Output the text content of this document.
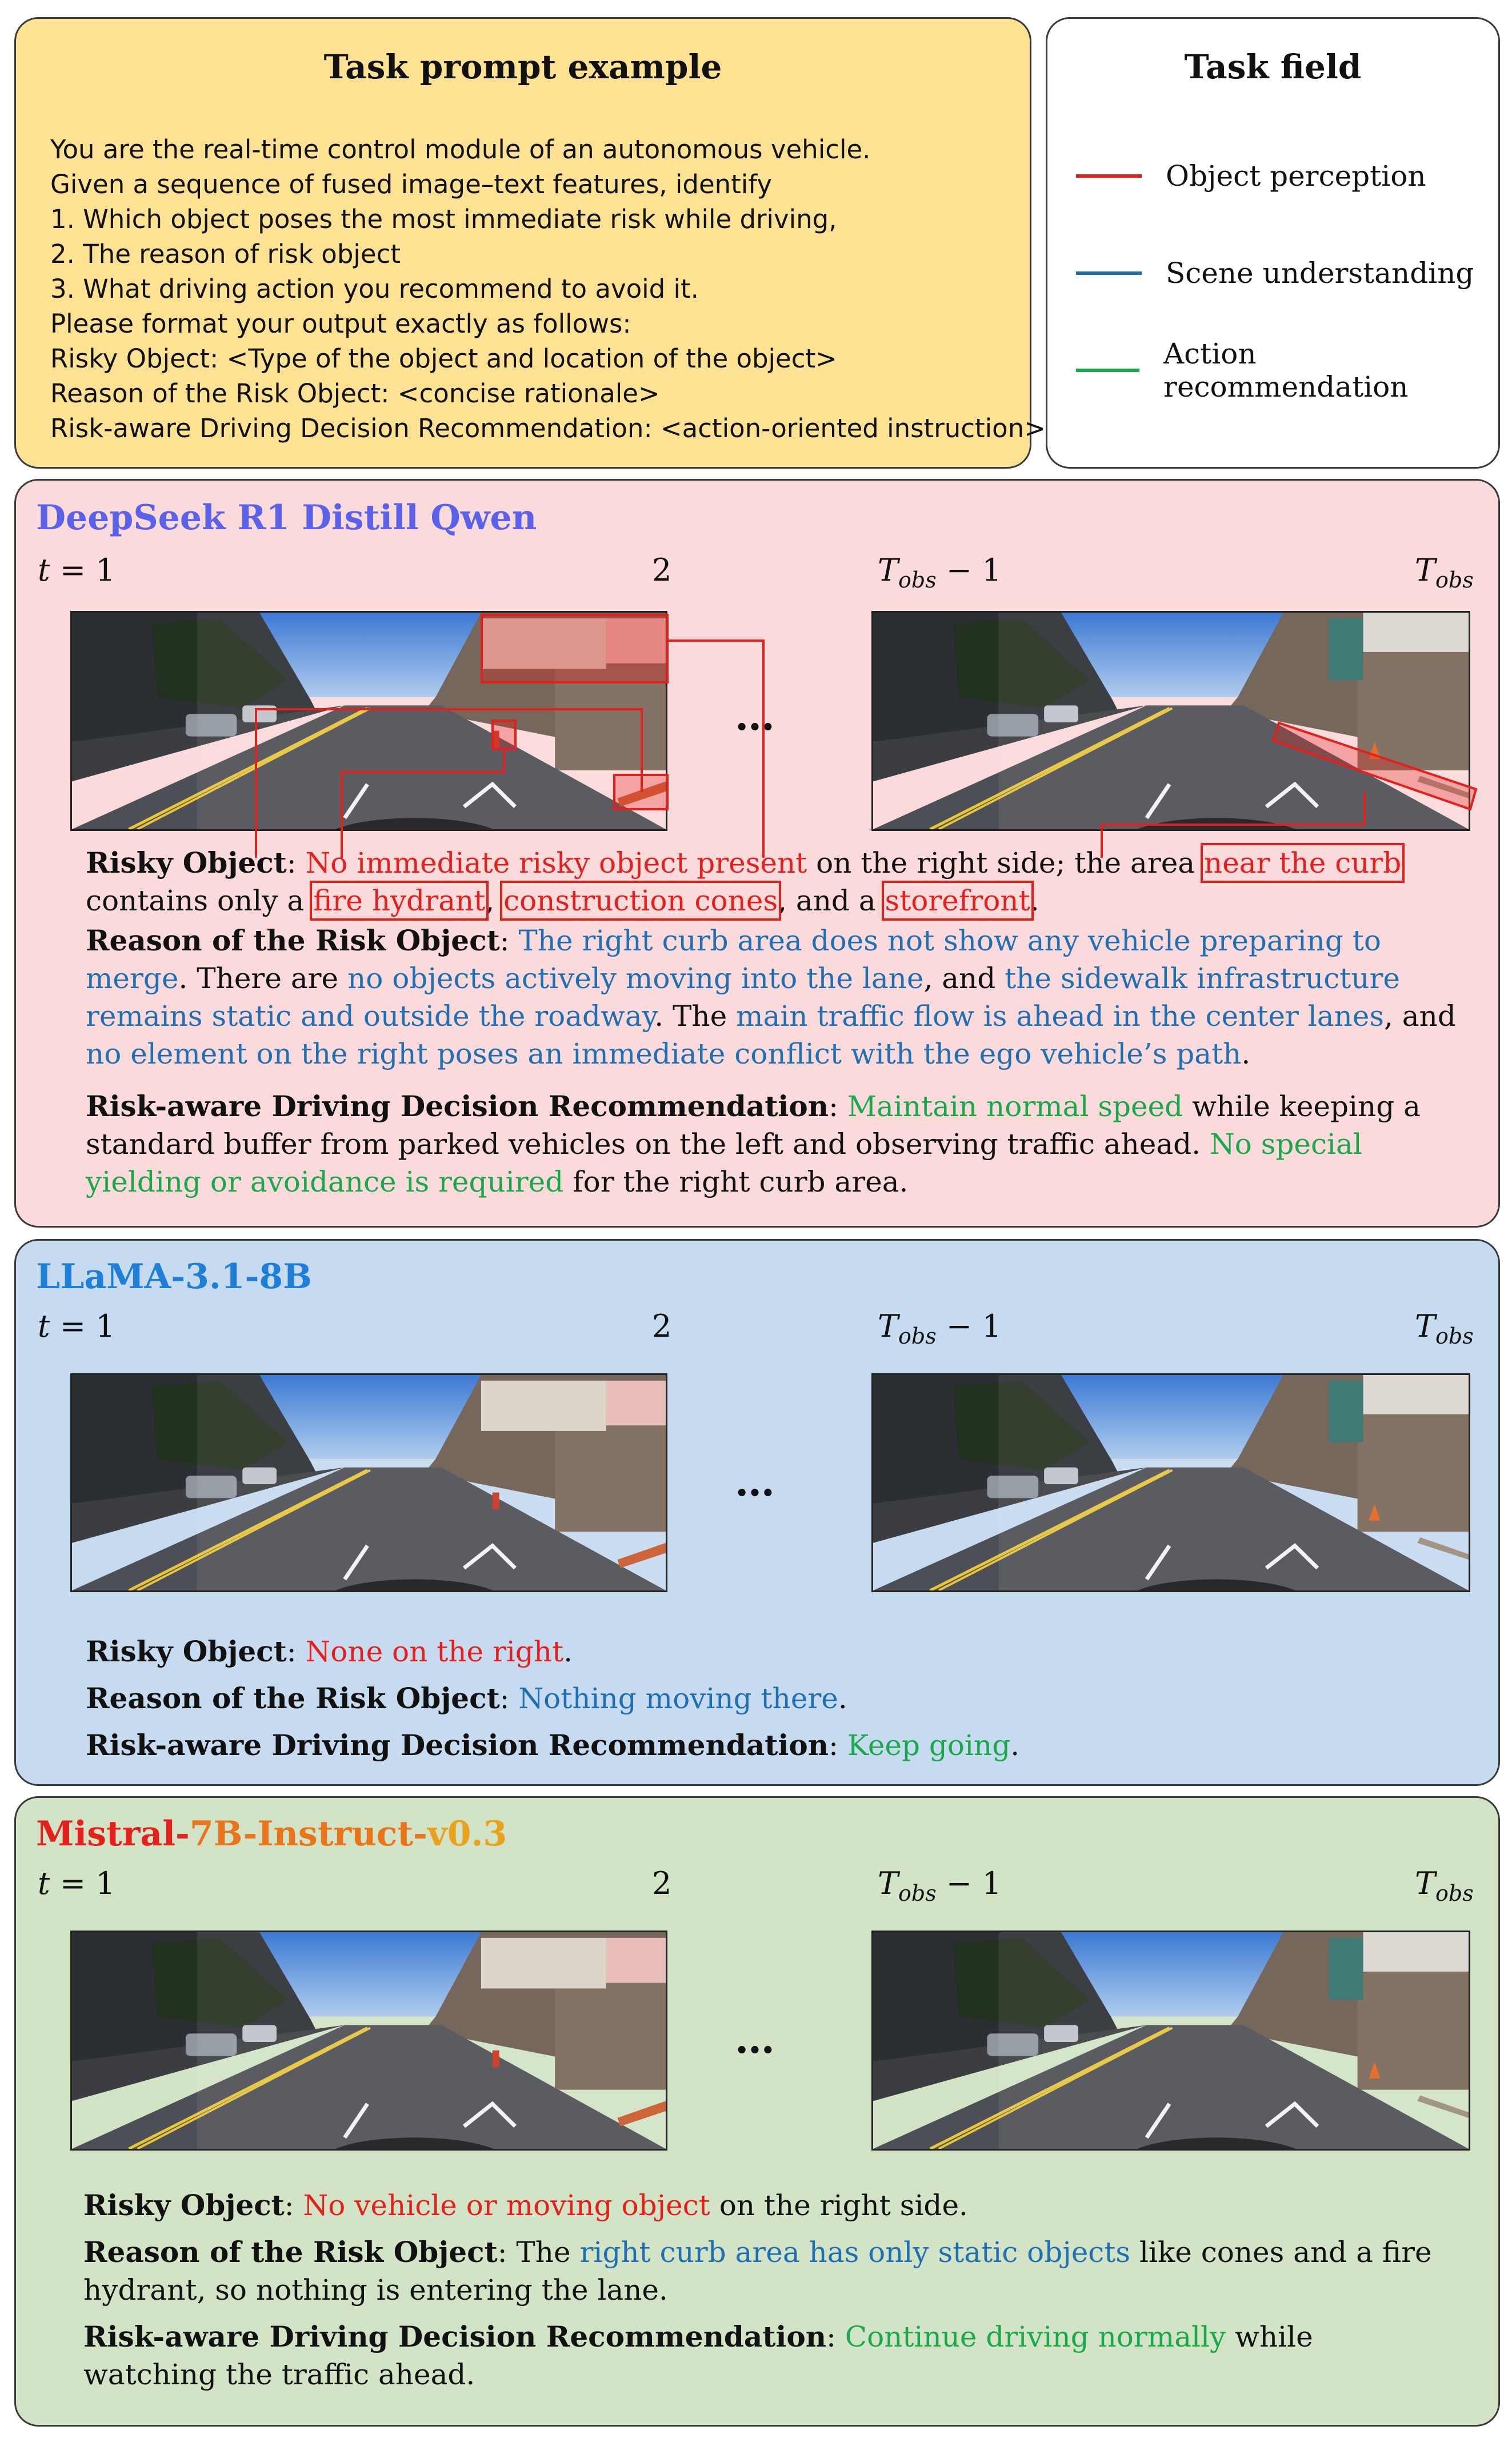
Task prompt example
You are the real-time control module of an autonomous vehicle.
Given a sequence of fused image–text features, identify
1. Which object poses the most immediate risk while driving,
2. The reason of risk object
3. What driving action you recommend to avoid it.
Please format your output exactly as follows:
Risky Object: <Type of the object and location of the object>
Reason of the Risk Object: <concise rationale>
Risk-aware Driving Decision Recommendation: <action-oriented instruction>
Task field
Object perception
Scene understanding
Action recommendation
DeepSeek R1 Distill Qwen
t = 1	2	$T_{obs} - 1$	$T_{obs}$
…

Risky Object: No immediate risky object present on the right side; the area near the curb contains only a fire hydrant, construction cones, and a storefront.

Reason of the Risk Object: The right curb area does not show any vehicle preparing to merge. There are no objects actively moving into the lane, and the sidewalk infrastructure remains static and outside the roadway. The main traffic flow is ahead in the center lanes, and no element on the right poses an immediate conflict with the ego vehicle’s path.

Risk-aware Driving Decision Recommendation: Maintain normal speed while keeping a standard buffer from parked vehicles on the left and observing traffic ahead. No special yielding or avoidance is required for the right curb area.

LLaMA-3.1-8B
t = 1	2	$T_{obs} - 1$	$T_{obs}$
…

Risky Object: None on the right.

Reason of the Risk Object: Nothing moving there.

Risk-aware Driving Decision Recommendation: Keep going.

Mistral-7B-Instruct-v0.3
t = 1	2	$T_{obs} - 1$	$T_{obs}$
…

Risky Object: No vehicle or moving object on the right side.

Reason of the Risk Object: The right curb area has only static objects like cones and a fire hydrant, so nothing is entering the lane.

Risk-aware Driving Decision Recommendation: Continue driving normally while watching the traffic ahead.
